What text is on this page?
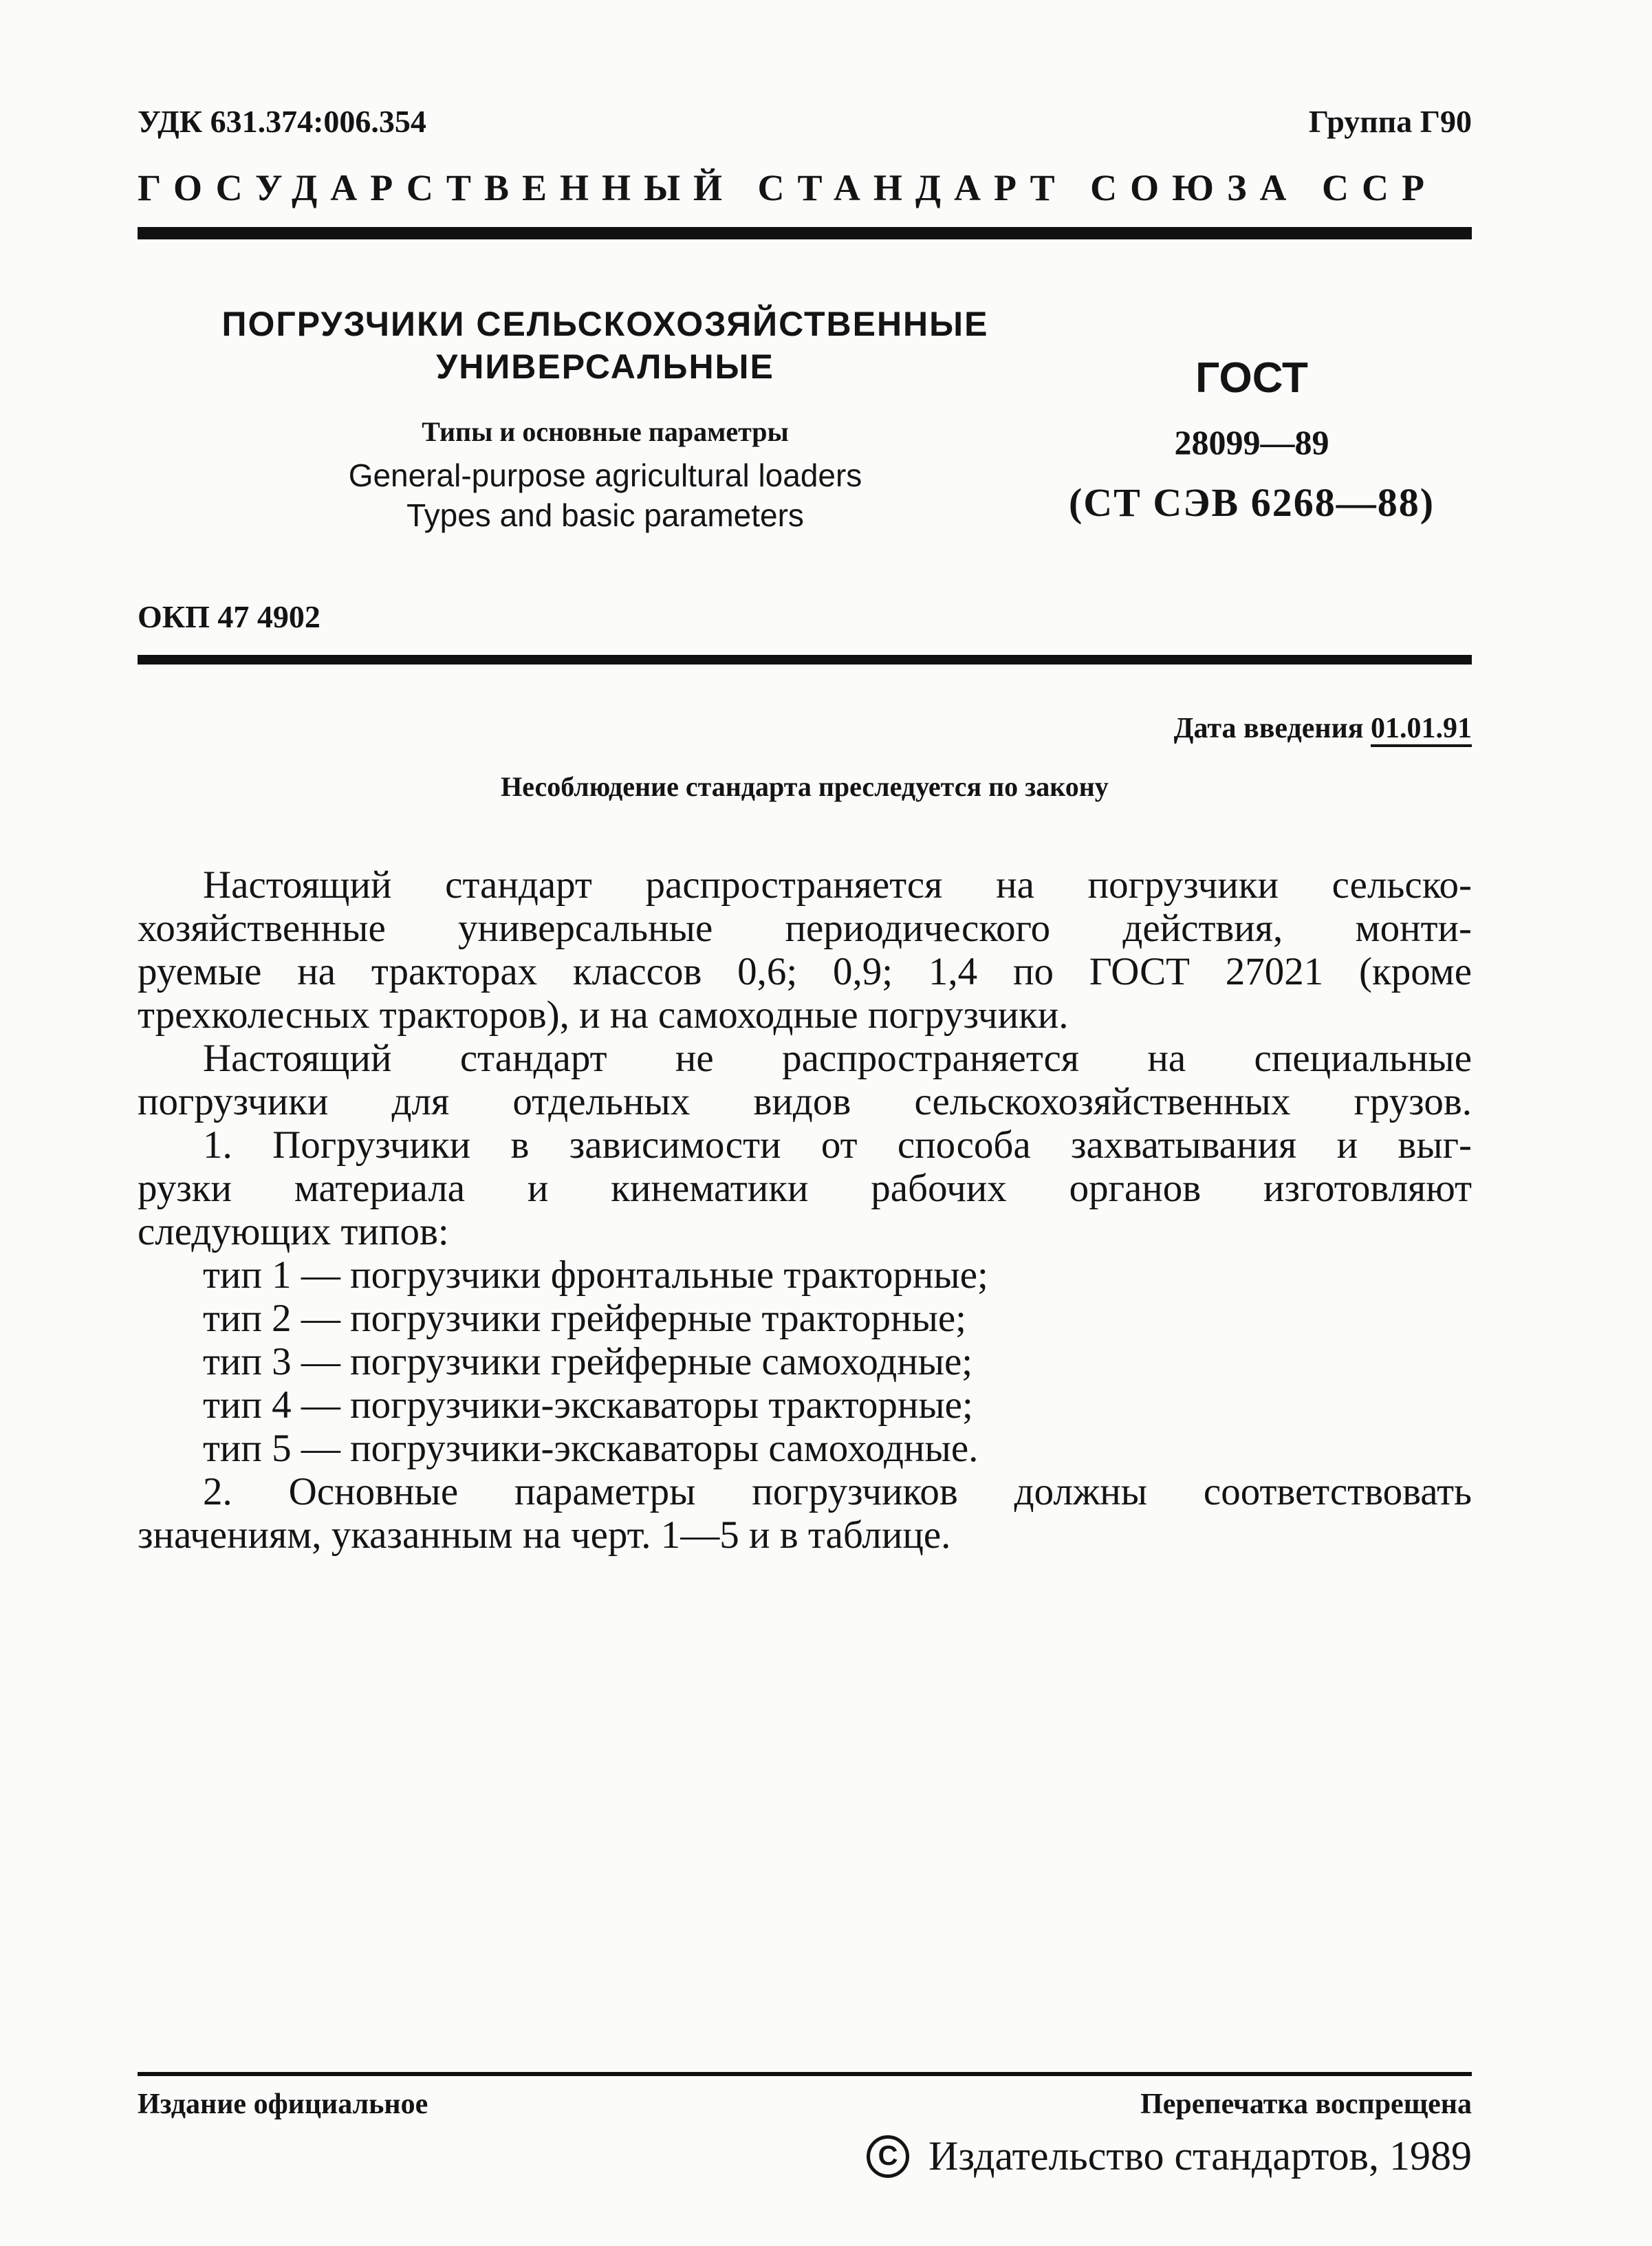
УДК 631.374:006.354	Группа Г90
ГОСУДАРСТВЕННЫЙ СТАНДАРТ СОЮЗА ССР
ПОГРУЗЧИКИ СЕЛЬСКОХОЗЯЙСТВЕННЫЕ
УНИВЕРСАЛЬНЫЕ
Типы и основные параметры
General-purpose agricultural loaders
Types and basic parameters
ГОСТ
28099—89
(СТ СЭВ 6268—88)
ОКП 47 4902
Дата введения 01.01.91
Несоблюдение стандарта преследуется по закону
Настоящий стандарт распространяется на погрузчики сельско-
хозяйственные универсальные периодического действия, монти-
руемые на тракторах классов 0,6; 0,9; 1,4 по ГОСТ 27021 (кроме
трехколесных тракторов), и на самоходные погрузчики.
Настоящий стандарт не распространяется на специальные
погрузчики для отдельных видов сельскохозяйственных грузов.
1. Погрузчики в зависимости от способа захватывания и выг-
рузки материала и кинематики рабочих органов изготовляют
следующих типов:
тип 1 — погрузчики фронтальные тракторные;
тип 2 — погрузчики грейферные тракторные;
тип 3 — погрузчики грейферные самоходные;
тип 4 — погрузчики-экскаваторы тракторные;
тип 5 — погрузчики-экскаваторы самоходные.
2. Основные параметры погрузчиков должны соответствовать
значениям, указанным на черт. 1—5 и в таблице.
Издание официальное	Перепечатка воспрещена
C Издательство стандартов, 1989
